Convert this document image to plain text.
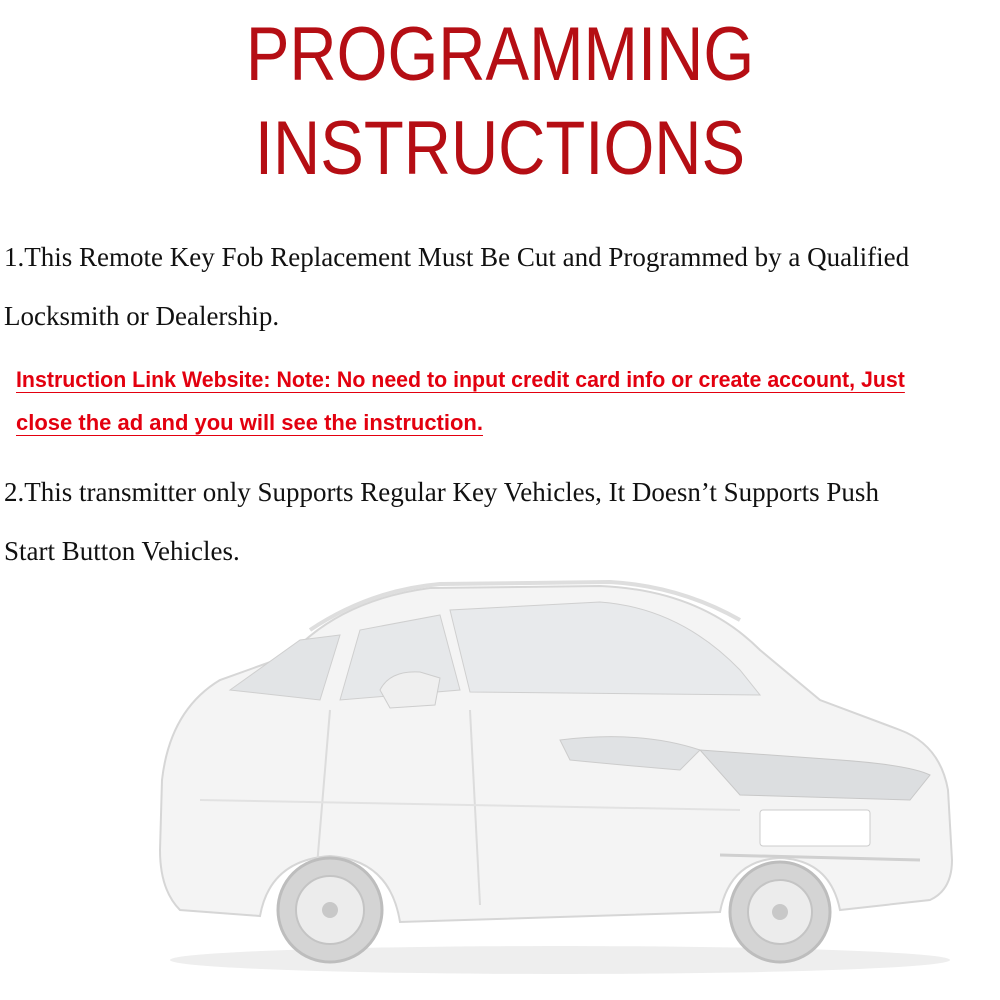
PROGRAMMING
INSTRUCTIONS
1.This Remote Key Fob Replacement Must Be Cut and Programmed by a Qualified
Locksmith or Dealership.
Instruction Link Website: Note: No need to input credit card info or create account, Just
close the ad and you will see the instruction.
2.This transmitter only Supports Regular Key Vehicles, It Doesn’t Supports Push
Start Button Vehicles.
